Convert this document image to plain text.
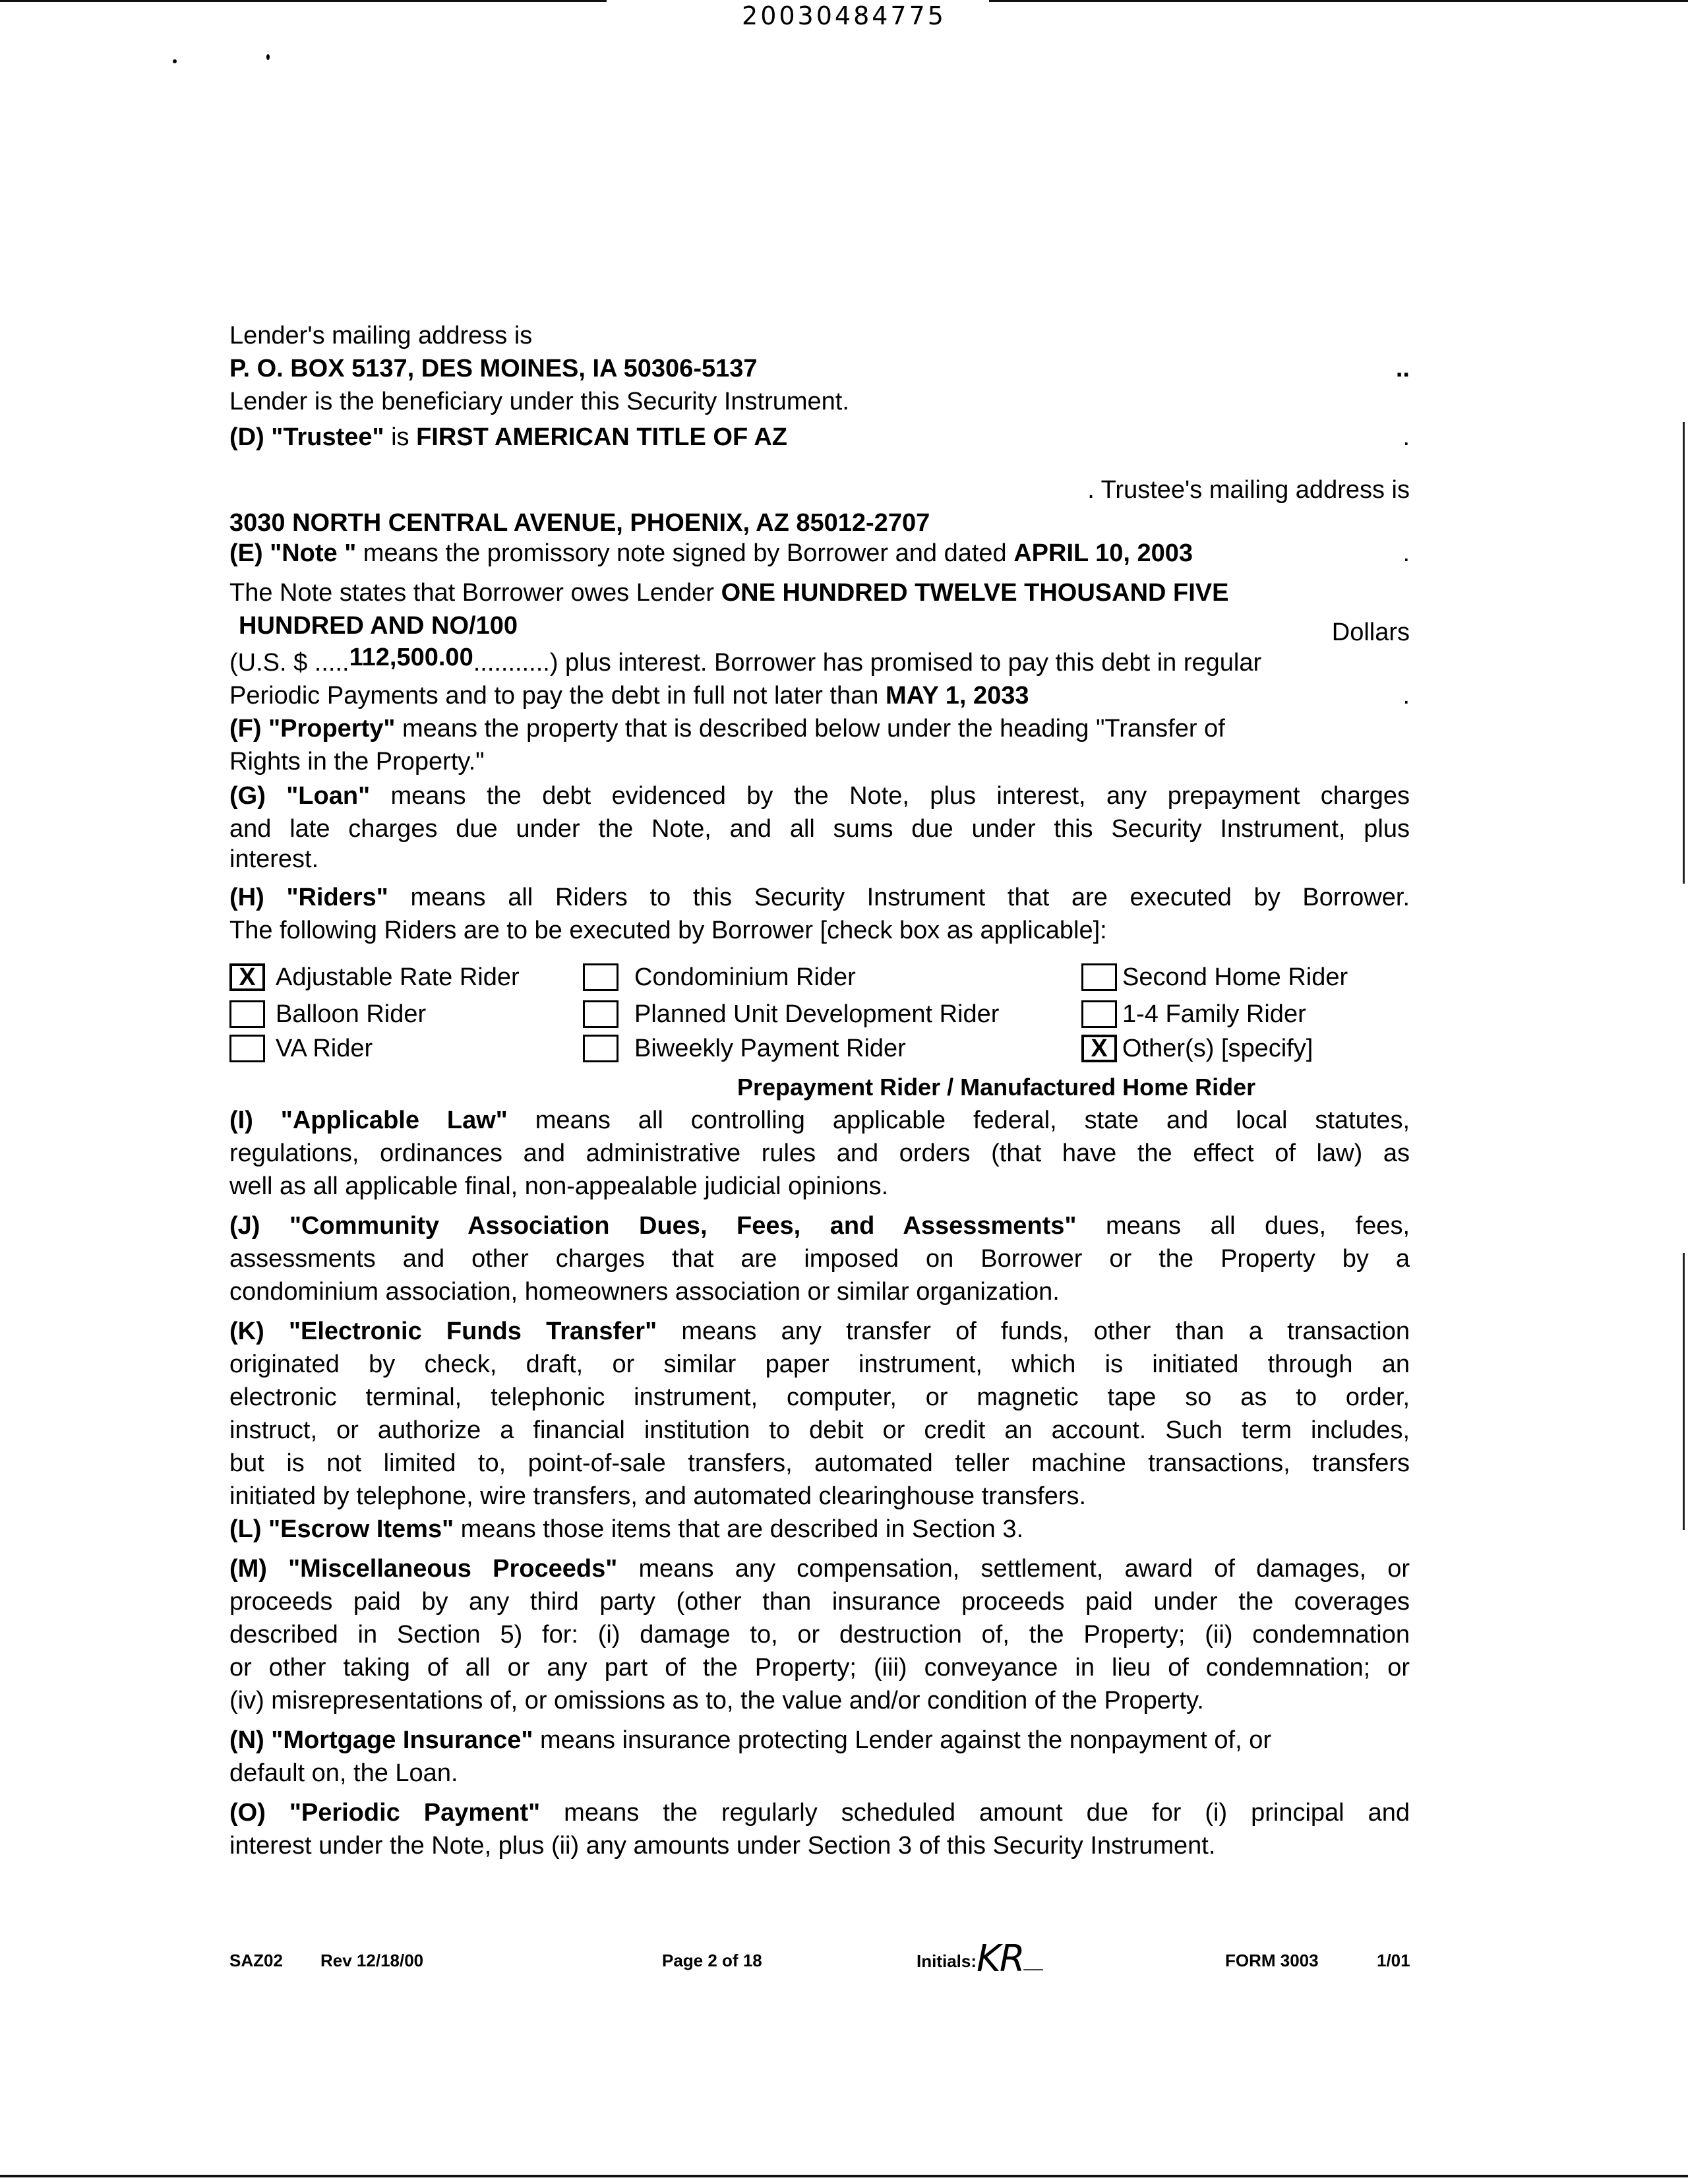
20030484775
Lender's mailing address is
P. O. BOX 5137, DES MOINES, IA 50306-5137	..
Lender is the beneficiary under this Security Instrument.
(D) "Trustee" is FIRST AMERICAN TITLE OF AZ	.
. Trustee's mailing address is
3030 NORTH CENTRAL AVENUE, PHOENIX, AZ 85012-2707
(E) "Note " means the promissory note signed by Borrower and dated APRIL 10, 2003	.
The Note states that Borrower owes Lender ONE HUNDRED TWELVE THOUSAND FIVE
HUNDRED AND NO/100	Dollars
(U.S. $ .....112,500.00...........) plus interest. Borrower has promised to pay this debt in regular
Periodic Payments and to pay the debt in full not later than MAY 1, 2033	.
(F) "Property" means the property that is described below under the heading "Transfer of
Rights in the Property."
(G) "Loan" means the debt evidenced by the Note, plus interest, any prepayment charges
and late charges due under the Note, and all sums due under this Security Instrument, plus
interest.
(H) "Riders" means all Riders to this Security Instrument that are executed by Borrower.
The following Riders are to be executed by Borrower [check box as applicable]:
X Adjustable Rate Rider	Condominium Rider	Second Home Rider
Balloon Rider	Planned Unit Development Rider	1-4 Family Rider
VA Rider	Biweekly Payment Rider	X Other(s) [specify]
Prepayment Rider / Manufactured Home Rider
(I) "Applicable Law" means all controlling applicable federal, state and local statutes,
regulations, ordinances and administrative rules and orders (that have the effect of law) as
well as all applicable final, non-appealable judicial opinions.
(J) "Community Association Dues, Fees, and Assessments" means all dues, fees,
assessments and other charges that are imposed on Borrower or the Property by a
condominium association, homeowners association or similar organization.
(K) "Electronic Funds Transfer" means any transfer of funds, other than a transaction
originated by check, draft, or similar paper instrument, which is initiated through an
electronic terminal, telephonic instrument, computer, or magnetic tape so as to order,
instruct, or authorize a financial institution to debit or credit an account. Such term includes,
but is not limited to, point-of-sale transfers, automated teller machine transactions, transfers
initiated by telephone, wire transfers, and automated clearinghouse transfers.
(L) "Escrow Items" means those items that are described in Section 3.
(M) "Miscellaneous Proceeds" means any compensation, settlement, award of damages, or
proceeds paid by any third party (other than insurance proceeds paid under the coverages
described in Section 5) for: (i) damage to, or destruction of, the Property; (ii) condemnation
or other taking of all or any part of the Property; (iii) conveyance in lieu of condemnation; or
(iv) misrepresentations of, or omissions as to, the value and/or condition of the Property.
(N) "Mortgage Insurance" means insurance protecting Lender against the nonpayment of, or
default on, the Loan.
(O) "Periodic Payment" means the regularly scheduled amount due for (i) principal and
interest under the Note, plus (ii) any amounts under Section 3 of this Security Instrument.
SAZ02 Rev 12/18/00	Page 2 of 18	Initials:KR__	FORM 3003	1/01
